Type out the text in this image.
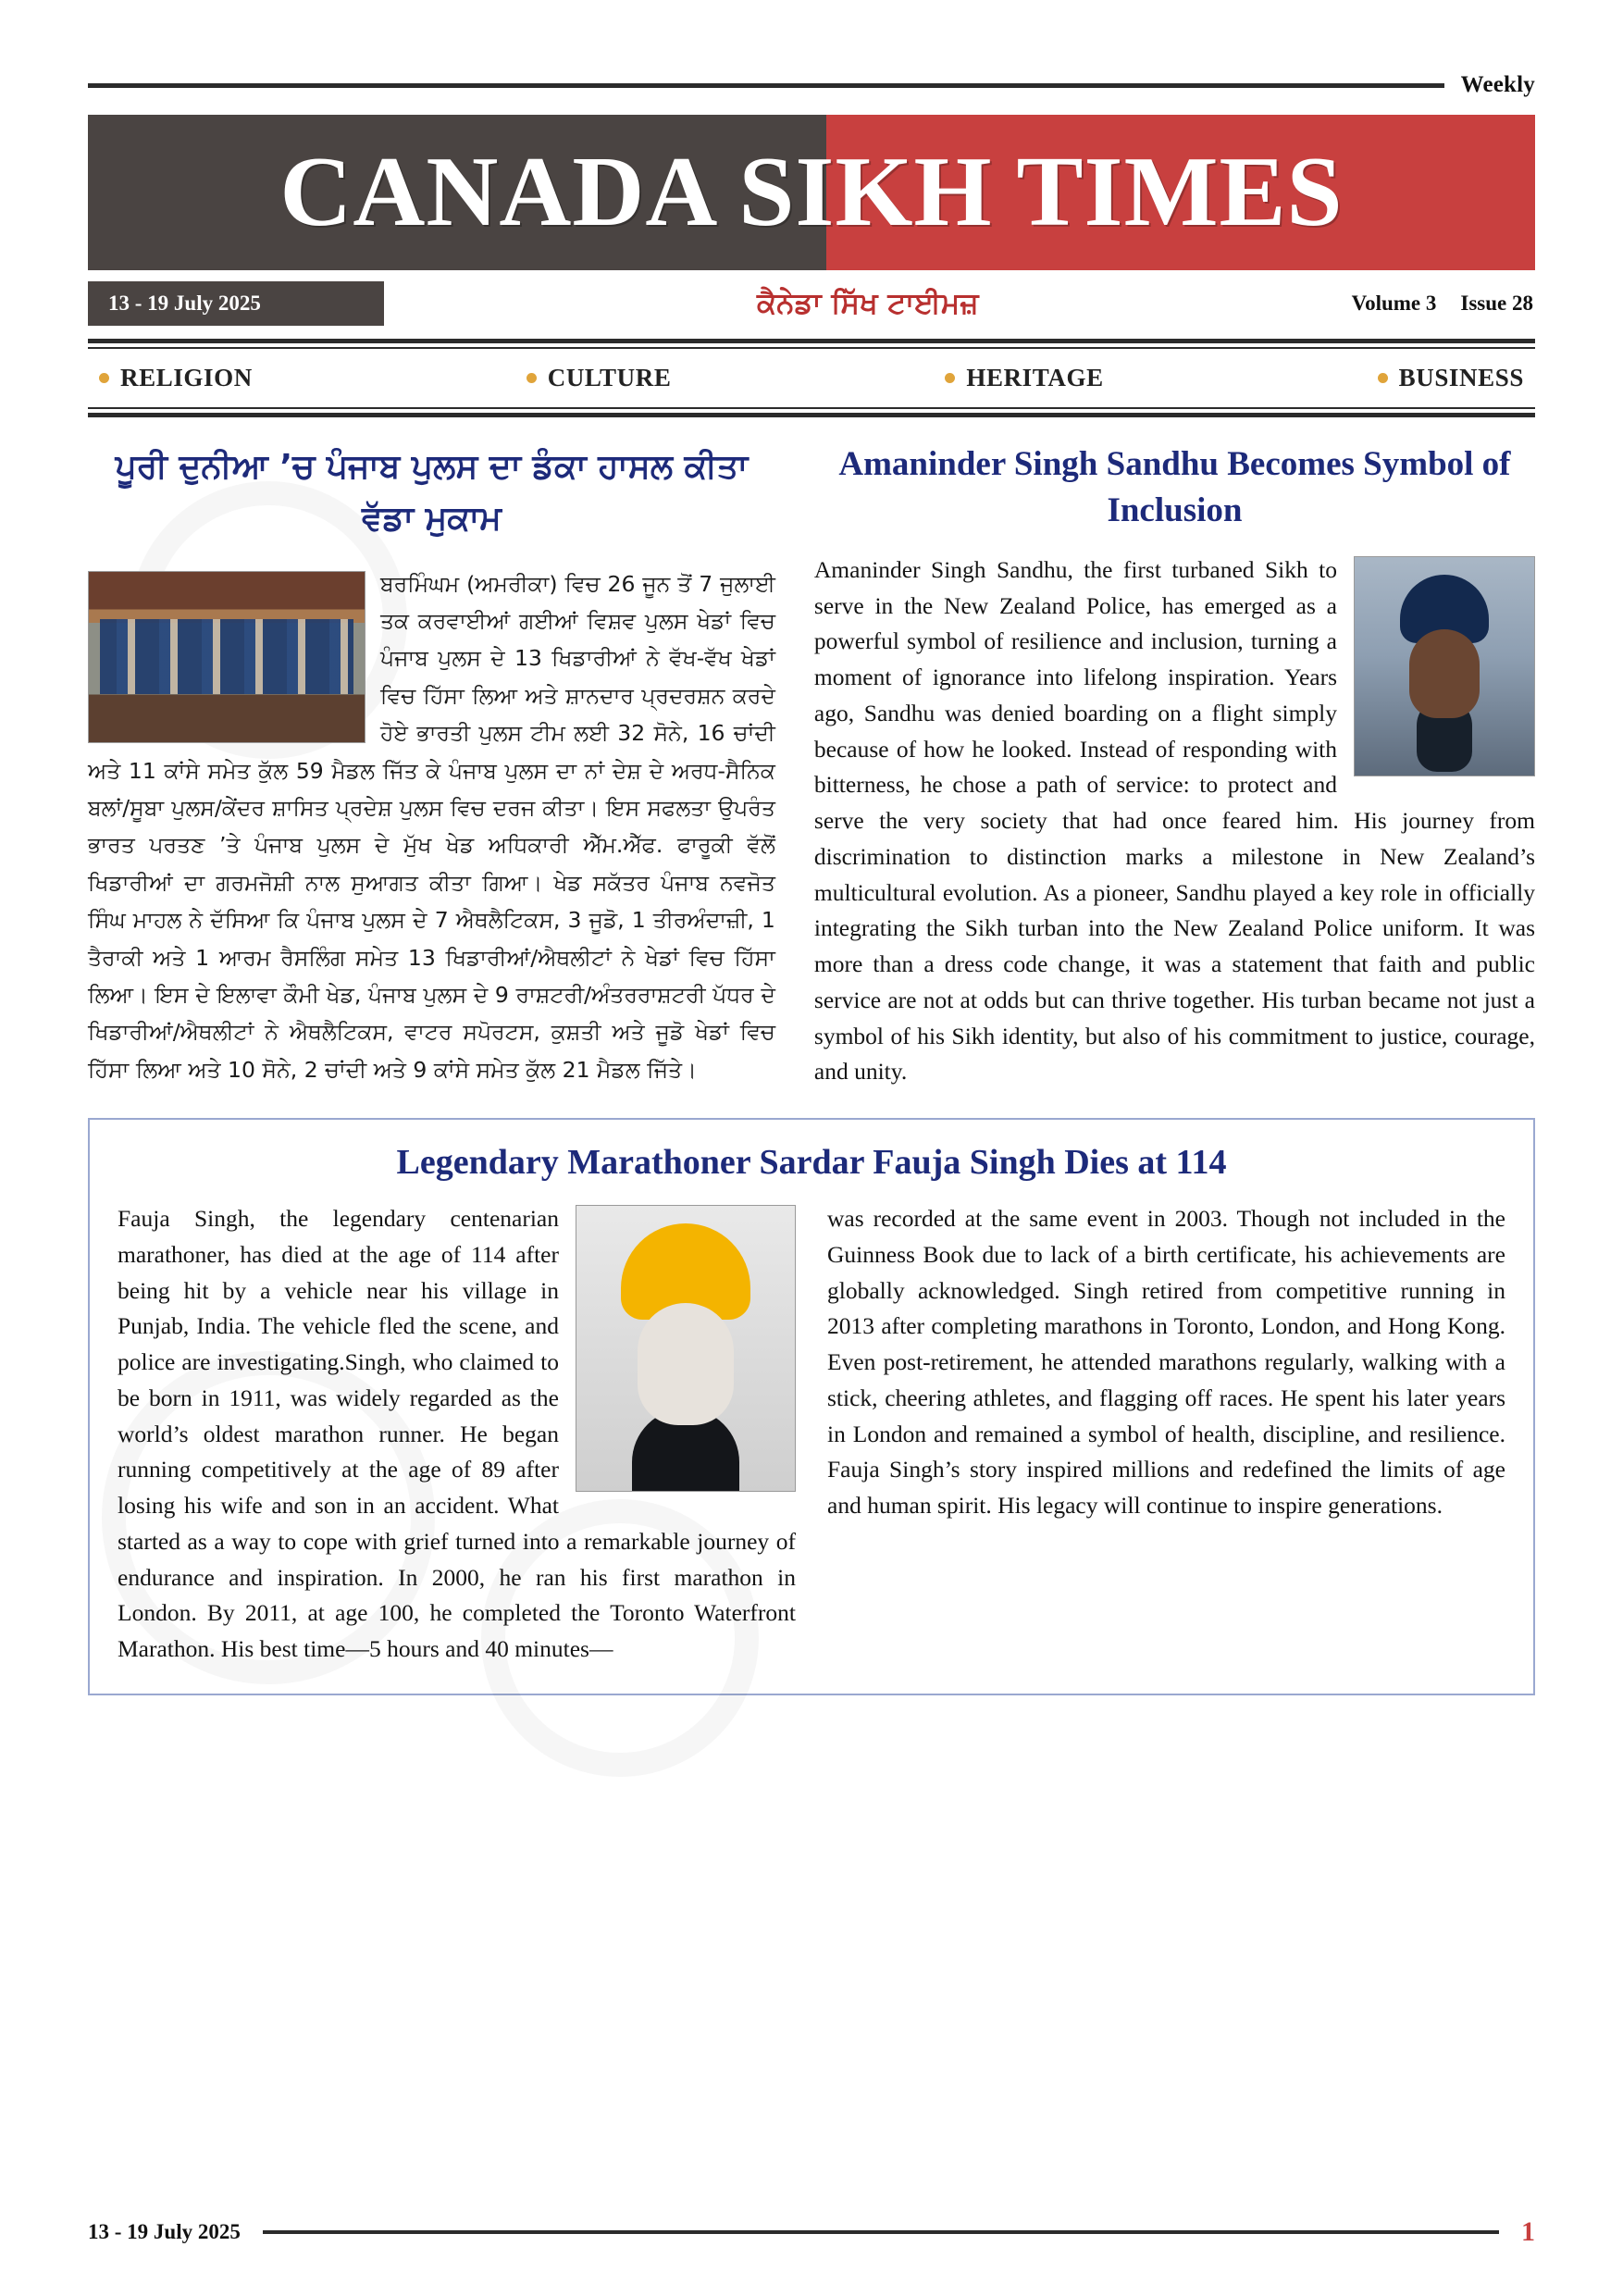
Weekly
CANADA SIKH TIMES
13 - 19 July 2025	ਕੈਨੇਡਾ ਸਿੱਖ ਟਾਈਮਜ਼	Volume 3 Issue 28
RELIGION	CULTURE	HERITAGE	BUSINESS
ਪੂਰੀ ਦੁਨੀਆ ’ਚ ਪੰਜਾਬ ਪੁਲਸ ਦਾ ਡੰਕਾ ਹਾਸਲ ਕੀਤਾ ਵੱਡਾ ਮੁਕਾਮ
ਬਰਮਿੰਘਮ (ਅਮਰੀਕਾ) ਵਿਚ 26 ਜੂਨ ਤੋਂ 7 ਜੁਲਾਈ ਤਕ ਕਰਵਾਈਆਂ ਗਈਆਂ ਵਿਸ਼ਵ ਪੁਲਸ ਖੇਡਾਂ ਵਿਚ ਪੰਜਾਬ ਪੁਲਸ ਦੇ 13 ਖਿਡਾਰੀਆਂ ਨੇ ਵੱਖ-ਵੱਖ ਖੇਡਾਂ ਵਿਚ ਹਿੱਸਾ ਲਿਆ ਅਤੇ ਸ਼ਾਨਦਾਰ ਪ੍ਰਦਰਸ਼ਨ ਕਰਦੇ ਹੋਏ ਭਾਰਤੀ ਪੁਲਸ ਟੀਮ ਲਈ 32 ਸੋਨੇ, 16 ਚਾਂਦੀ ਅਤੇ 11 ਕਾਂਸੇ ਸਮੇਤ ਕੁੱਲ 59 ਮੈਡਲ ਜਿੱਤ ਕੇ ਪੰਜਾਬ ਪੁਲਸ ਦਾ ਨਾਂ ਦੇਸ਼ ਦੇ ਅਰਧ-ਸੈਨਿਕ ਬਲਾਂ/ਸੂਬਾ ਪੁਲਸ/ਕੇਂਦਰ ਸ਼ਾਸਿਤ ਪ੍ਰਦੇਸ਼ ਪੁਲਸ ਵਿਚ ਦਰਜ ਕੀਤਾ। ਇਸ ਸਫਲਤਾ ਉਪਰੰਤ ਭਾਰਤ ਪਰਤਣ ’ਤੇ ਪੰਜਾਬ ਪੁਲਸ ਦੇ ਮੁੱਖ ਖੇਡ ਅਧਿਕਾਰੀ ਐੱਮ.ਐੱਫ. ਫਾਰੂਕੀ ਵੱਲੋਂ ਖਿਡਾਰੀਆਂ ਦਾ ਗਰਮਜੋਸ਼ੀ ਨਾਲ ਸੁਆਗਤ ਕੀਤਾ ਗਿਆ। ਖੇਡ ਸਕੱਤਰ ਪੰਜਾਬ ਨਵਜੋਤ ਸਿੰਘ ਮਾਹਲ ਨੇ ਦੱਸਿਆ ਕਿ ਪੰਜਾਬ ਪੁਲਸ ਦੇ 7 ਐਥਲੈਟਿਕਸ, 3 ਜੂਡੋ, 1 ਤੀਰਅੰਦਾਜ਼ੀ, 1 ਤੈਰਾਕੀ ਅਤੇ 1 ਆਰਮ ਰੈਸਲਿੰਗ ਸਮੇਤ 13 ਖਿਡਾਰੀਆਂ/ਐਥਲੀਟਾਂ ਨੇ ਖੇਡਾਂ ਵਿਚ ਹਿੱਸਾ ਲਿਆ। ਇਸ ਦੇ ਇਲਾਵਾ ਕੌਮੀ ਖੇਡ, ਪੰਜਾਬ ਪੁਲਸ ਦੇ 9 ਰਾਸ਼ਟਰੀ/ਅੰਤਰਰਾਸ਼ਟਰੀ ਪੱਧਰ ਦੇ ਖਿਡਾਰੀਆਂ/ਐਥਲੀਟਾਂ ਨੇ ਐਥਲੈਟਿਕਸ, ਵਾਟਰ ਸਪੋਰਟਸ, ਕੁਸ਼ਤੀ ਅਤੇ ਜੂਡੋ ਖੇਡਾਂ ਵਿਚ ਹਿੱਸਾ ਲਿਆ ਅਤੇ 10 ਸੋਨੇ, 2 ਚਾਂਦੀ ਅਤੇ 9 ਕਾਂਸੇ ਸਮੇਤ ਕੁੱਲ 21 ਮੈਡਲ ਜਿੱਤੇ।
Amaninder Singh Sandhu Becomes Symbol of Inclusion
Amaninder Singh Sandhu, the first turbaned Sikh to serve in the New Zealand Police, has emerged as a powerful symbol of resilience and inclusion, turning a moment of ignorance into lifelong inspiration. Years ago, Sandhu was denied boarding on a flight simply because of how he looked. Instead of responding with bitterness, he chose a path of service: to protect and serve the very society that had once feared him. His journey from discrimination to distinction marks a milestone in New Zealand’s multicultural evolution. As a pioneer, Sandhu played a key role in officially integrating the Sikh turban into the New Zealand Police uniform. It was more than a dress code change, it was a statement that faith and public service are not at odds but can thrive together. His turban became not just a symbol of his Sikh identity, but also of his commitment to justice, courage, and unity.
Legendary Marathoner Sardar Fauja Singh Dies at 114
Fauja Singh, the legendary centenarian marathoner, has died at the age of 114 after being hit by a vehicle near his village in Punjab, India. The vehicle fled the scene, and police are investigating.Singh, who claimed to be born in 1911, was widely regarded as the world’s oldest marathon runner. He began running competitively at the age of 89 after losing his wife and son in an accident. What started as a way to cope with grief turned into a remarkable journey of endurance and inspiration. In 2000, he ran his first marathon in London. By 2011, at age 100, he completed the Toronto Waterfront Marathon. His best time—5 hours and 40 minutes—
was recorded at the same event in 2003. Though not included in the Guinness Book due to lack of a birth certificate, his achievements are globally acknowledged. Singh retired from competitive running in 2013 after completing marathons in Toronto, London, and Hong Kong. Even post-retirement, he attended marathons regularly, walking with a stick, cheering athletes, and flagging off races. He spent his later years in London and remained a symbol of health, discipline, and resilience. Fauja Singh’s story inspired millions and redefined the limits of age and human spirit. His legacy will continue to inspire generations.
13 - 19 July 2025	1
